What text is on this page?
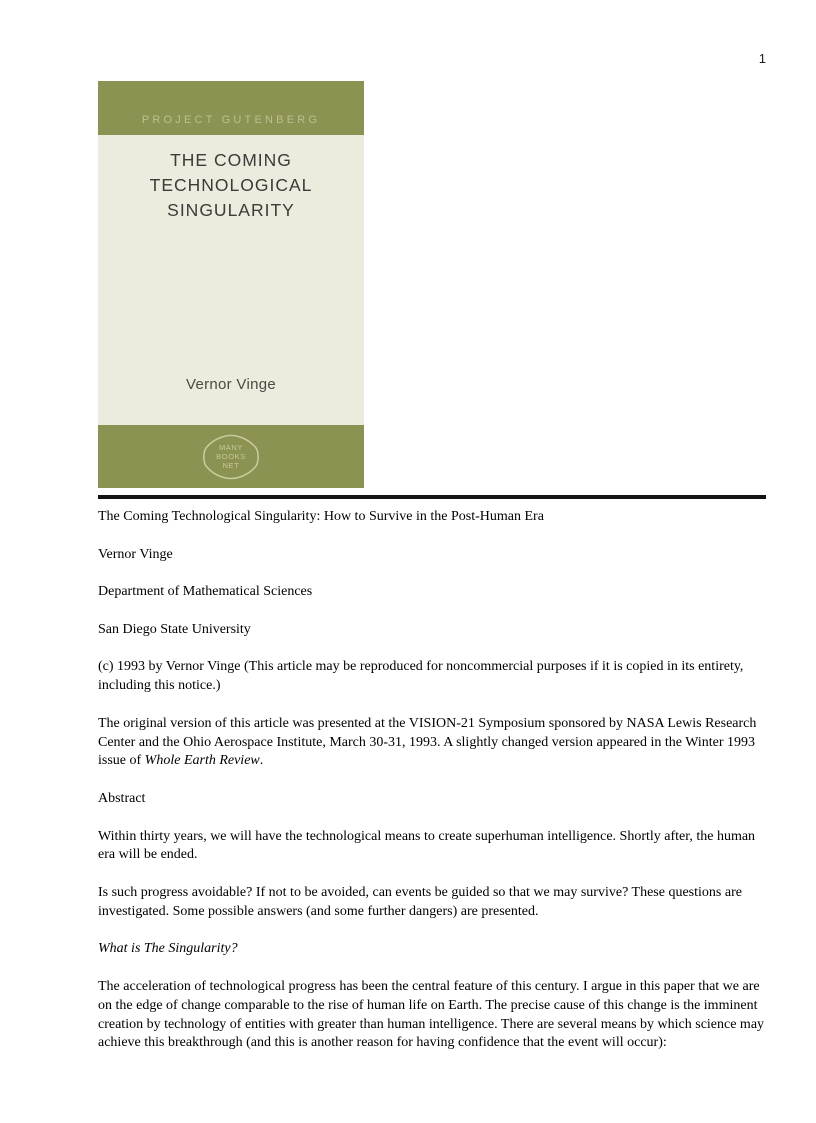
1
PROJECT GUTENBERG
THE COMING
TECHNOLOGICAL
SINGULARITY
Vernor Vinge
MANY
BOOKS
NET

The Coming Technological Singularity: How to Survive in the Post-Human Era

Vernor Vinge

Department of Mathematical Sciences

San Diego State University

(c) 1993 by Vernor Vinge (This article may be reproduced for noncommercial purposes if it is copied in its entirety, including this notice.)

The original version of this article was presented at the VISION-21 Symposium sponsored by NASA Lewis Research Center and the Ohio Aerospace Institute, March 30-31, 1993. A slightly changed version appeared in the Winter 1993 issue of Whole Earth Review.

Abstract

Within thirty years, we will have the technological means to create superhuman intelligence. Shortly after, the human era will be ended.

Is such progress avoidable? If not to be avoided, can events be guided so that we may survive? These questions are investigated. Some possible answers (and some further dangers) are presented.

What is The Singularity?

The acceleration of technological progress has been the central feature of this century. I argue in this paper that we are on the edge of change comparable to the rise of human life on Earth. The precise cause of this change is the imminent creation by technology of entities with greater than human intelligence. There are several means by which science may achieve this breakthrough (and this is another reason for having confidence that the event will occur):
